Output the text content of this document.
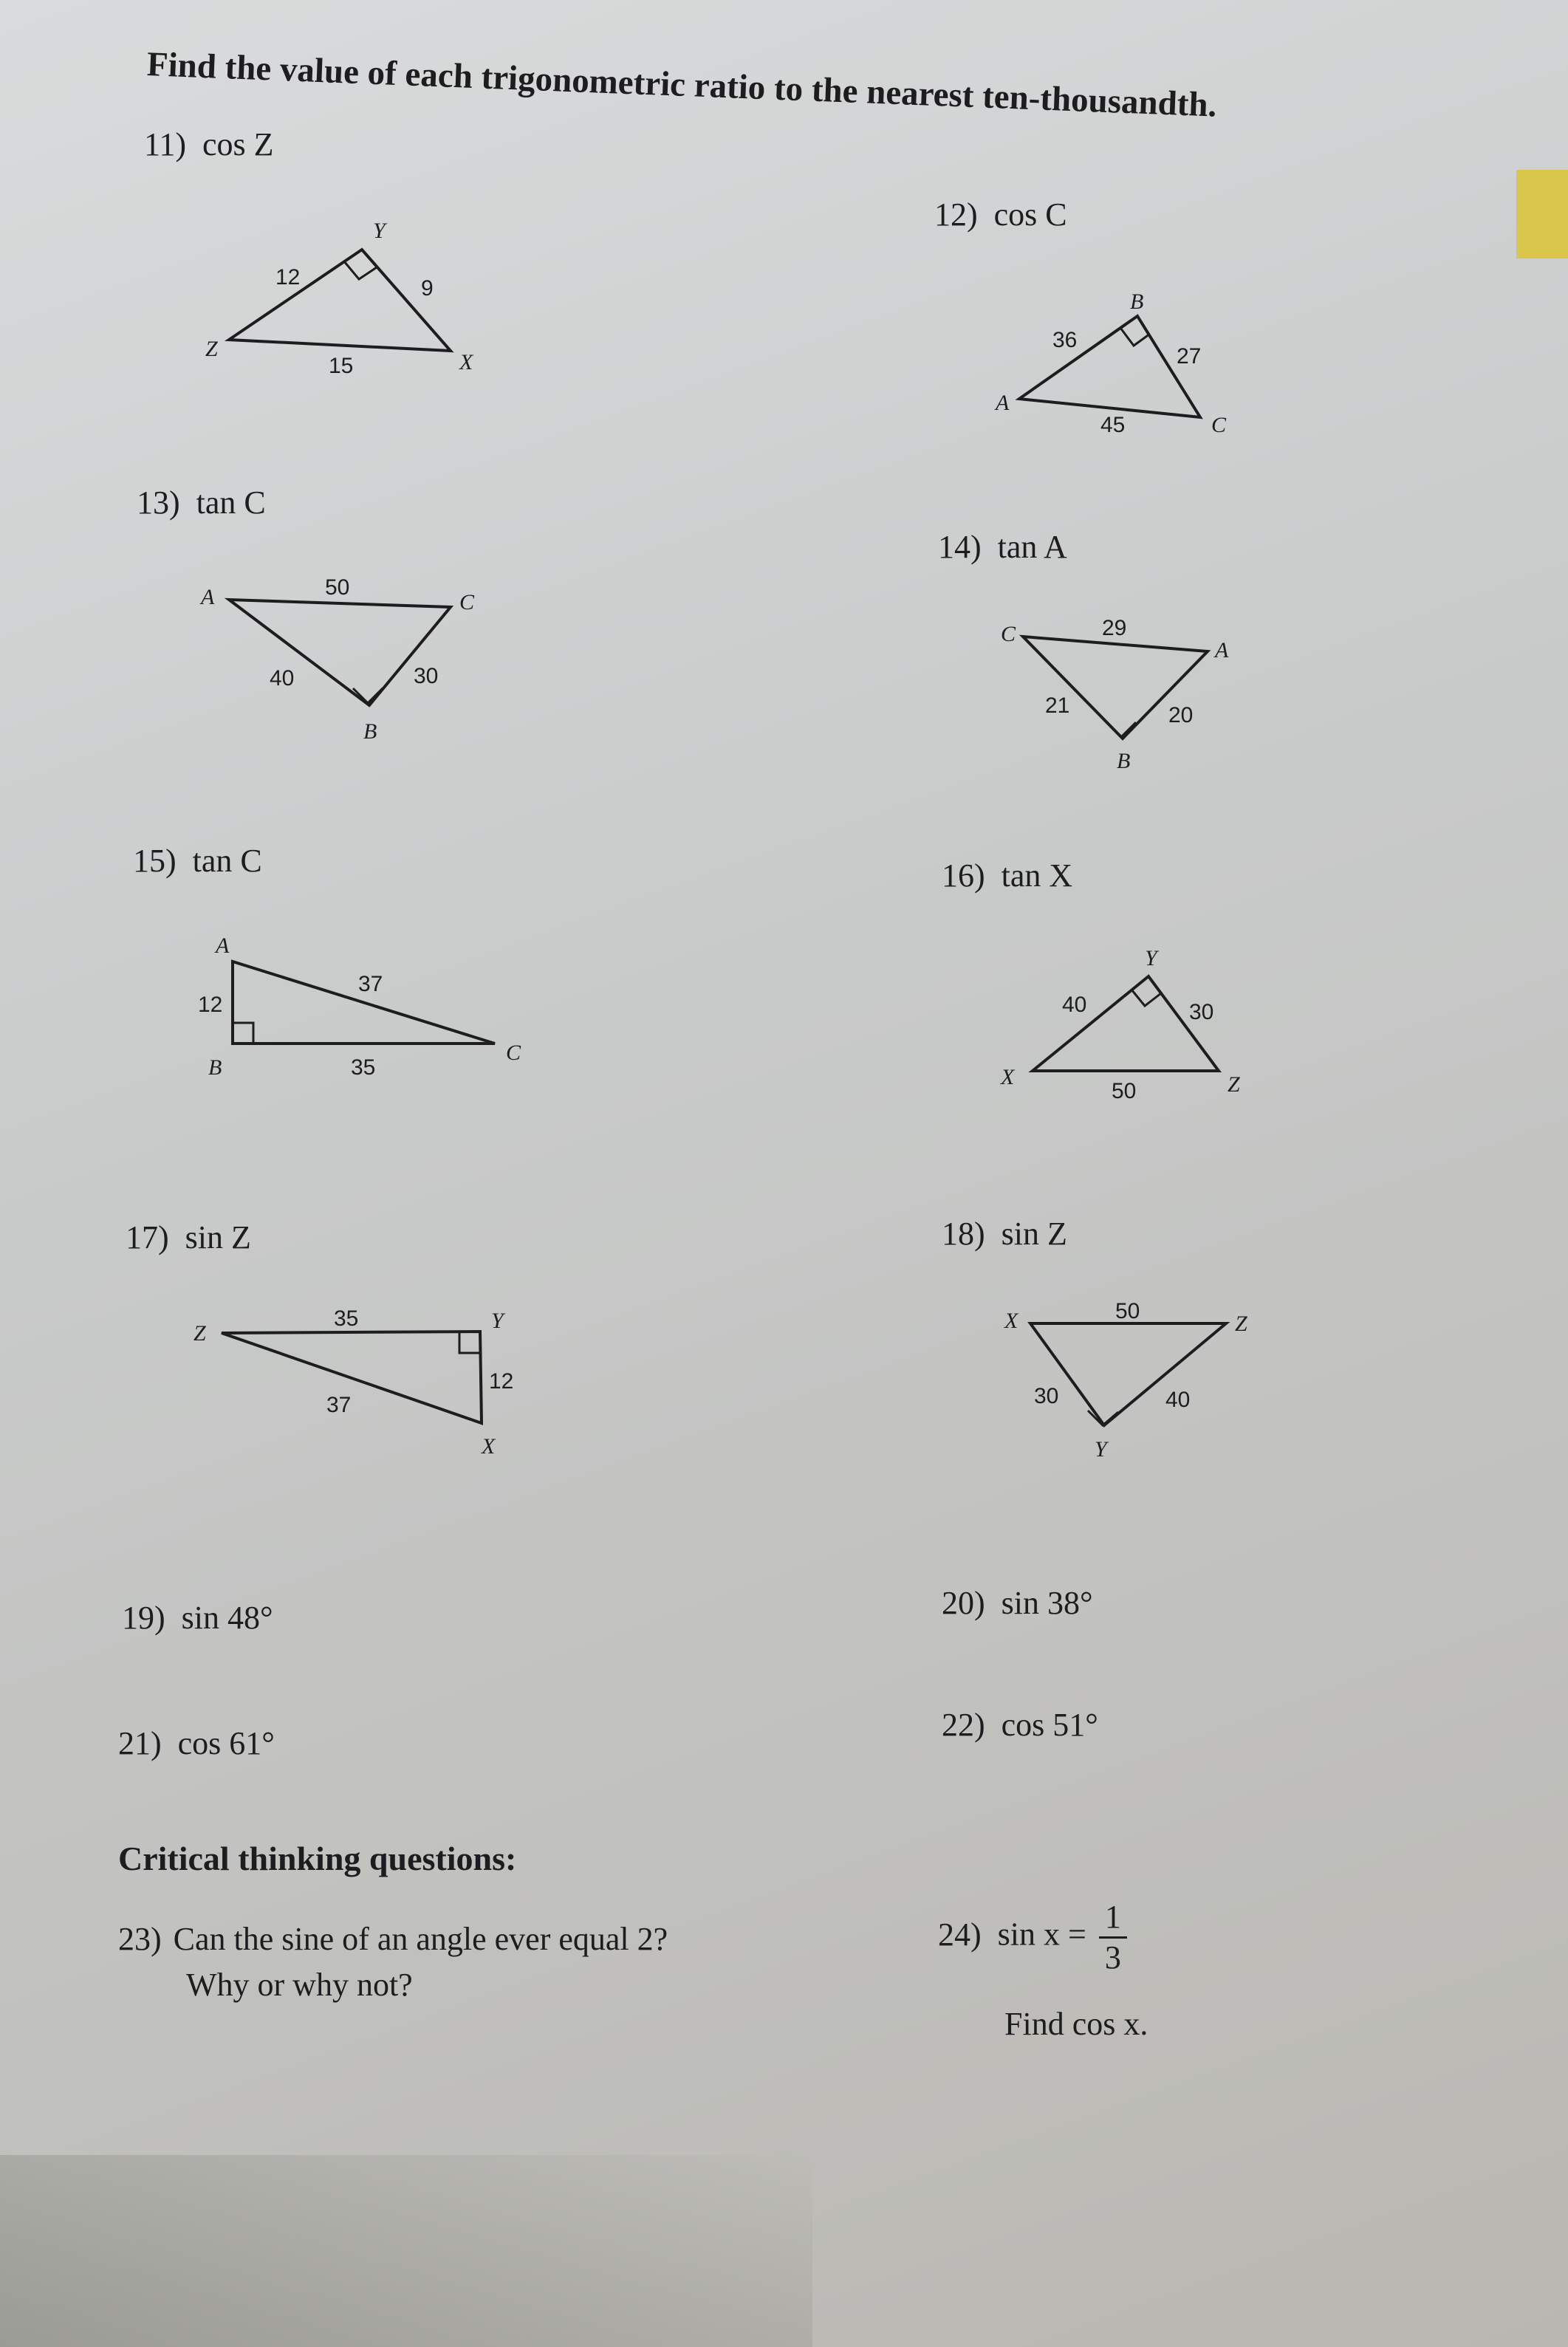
Find the value of each trigonometric ratio to the nearest ten-thousandth.
11) cos Z
12) cos C
13) tan C
14) tan A
15) tan C	16) tan X
17) sin Z	18) sin Z
19) sin 48°	20) sin 38°
21) cos 61°
22) cos 51°
Critical thinking questions:
23) Can the sine of an angle ever equal 2?
Why or why not?
24) $\sin x = \frac{1}{3}$
Find cos x.
Y
Z
X
12	9
15
B
A
C
36
27
45
A	C
B
50
40	30
C
A
B
29
21	20
A
B
C
12
37
35
Y
X	Z
40	30
50
Z
Y
X
35
12
37
X	Z
Y
50
30	40
